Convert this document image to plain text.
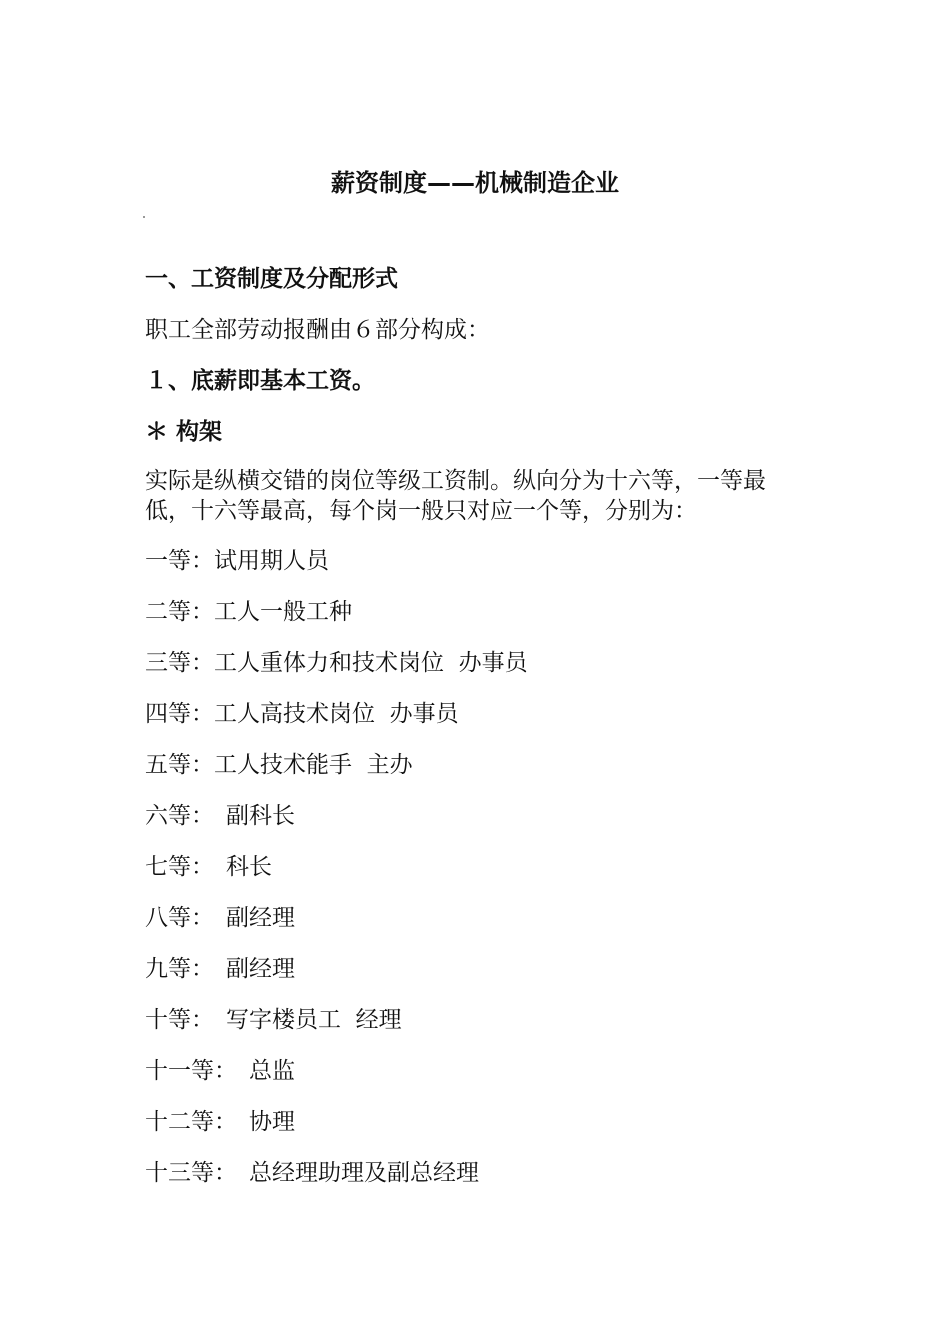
薪资制度——机械制造企业

一、工资制度及分配形式

职工全部劳动报酬由６部分构成：

１、底薪即基本工资。

＊ 构架

实际是纵横交错的岗位等级工资制。纵向分为十六等，一等最低，十六等最高，每个岗一般只对应一个等，分别为：

一等：试用期人员

二等：工人一般工种

三等：工人重体力和技术岗位  办事员

四等：工人高技术岗位  办事员

五等：工人技术能手  主办

六等： 副科长

七等： 科长

八等： 副经理

九等： 副经理

十等： 写字楼员工  经理

十一等： 总监

十二等： 协理

十三等： 总经理助理及副总经理
